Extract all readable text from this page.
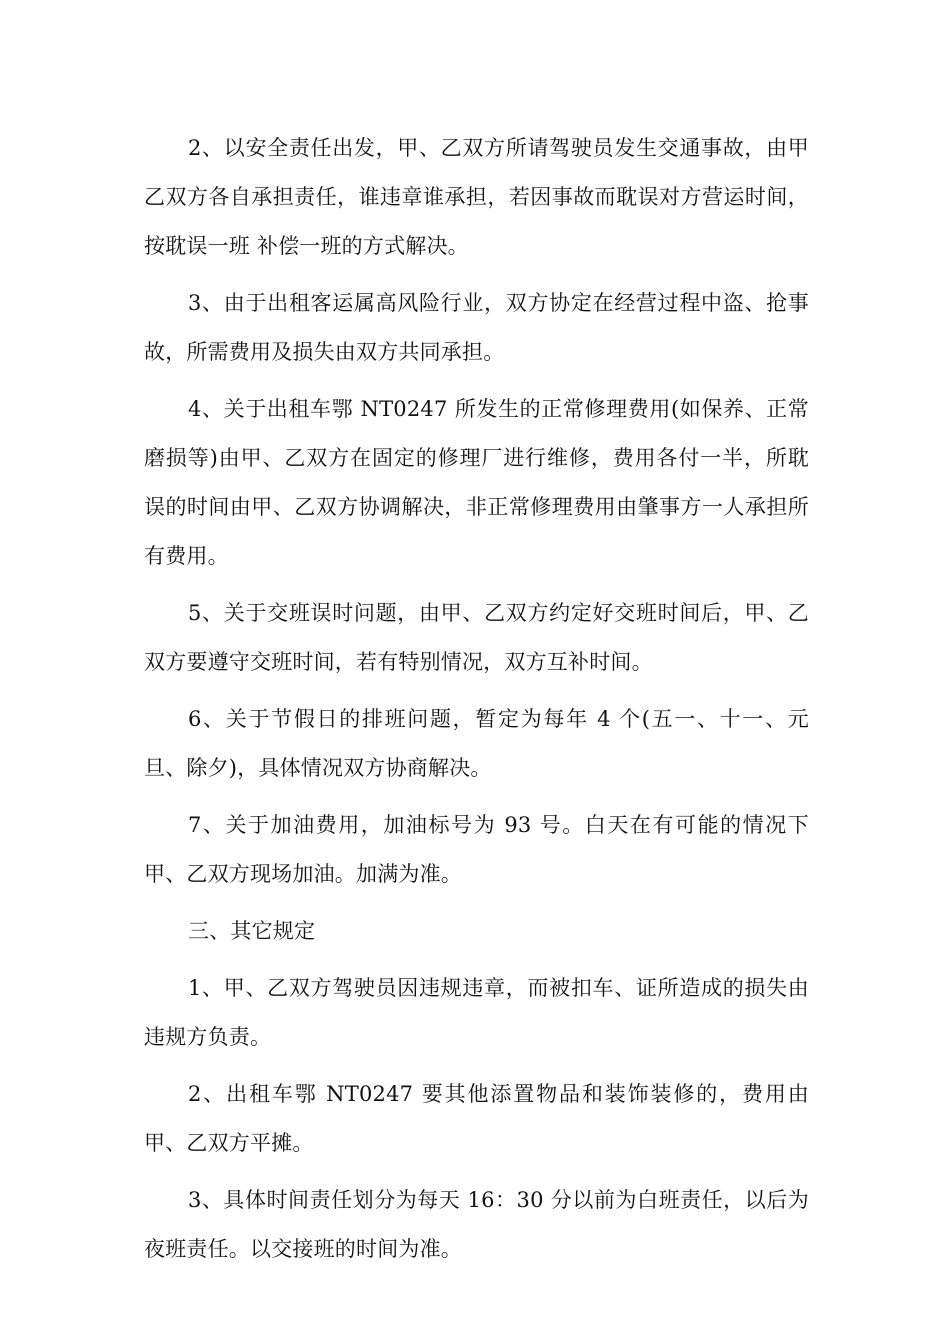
2、以安全责任出发，甲、乙双方所请驾驶员发生交通事故，由甲乙双方各自承担责任，谁违章谁承担，若因事故而耽误对方营运时间，按耽误一班 补偿一班的方式解决。

3、由于出租客运属高风险行业，双方协定在经营过程中盗、抢事故，所需费用及损失由双方共同承担。

4、关于出租车鄂 NT0247 所发生的正常修理费用(如保养、正常磨损等)由甲、乙双方在固定的修理厂进行维修，费用各付一半，所耽误的时间由甲、乙双方协调解决，非正常修理费用由肇事方一人承担所有费用。

5、关于交班误时问题，由甲、乙双方约定好交班时间后，甲、乙 双方要遵守交班时间，若有特别情况，双方互补时间。

6、关于节假日的排班问题，暂定为每年 4 个(五一、十一、元旦、除夕)，具体情况双方协商解决。

7、关于加油费用，加油标号为 93 号。白天在有可能的情况下甲、乙双方现场加油。加满为准。

三、其它规定

1、甲、乙双方驾驶员因违规违章，而被扣车、证所造成的损失由违规方负责。

2、出租车鄂 NT0247 要其他添置物品和装饰装修的，费用由甲、乙双方平摊。

3、具体时间责任划分为每天 16：30 分以前为白班责任，以后为夜班责任。以交接班的时间为准。
